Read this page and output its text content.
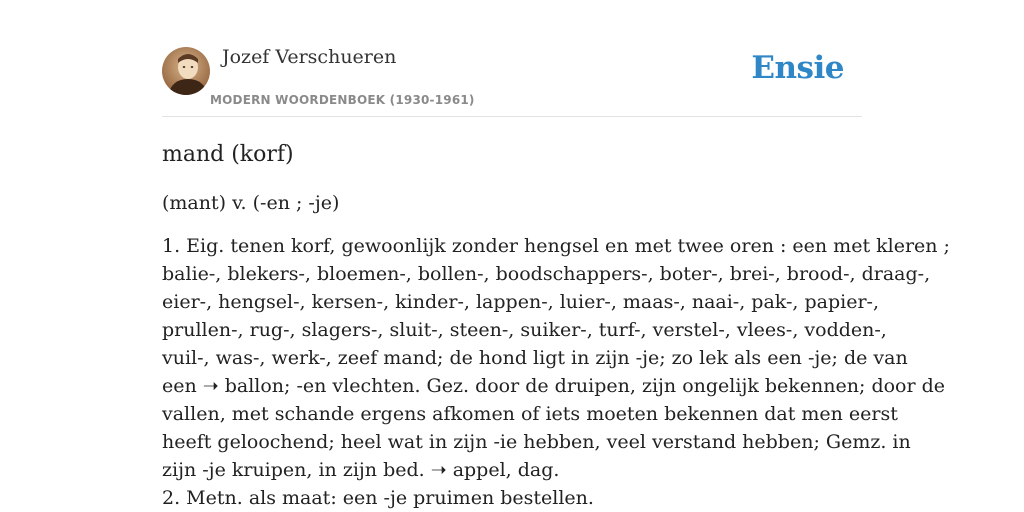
Jozef Verschueren
MODERN WOORDENBOEK (1930-1961)
Ensie
mand (korf)

(mant) v. (-en ; -je)

1. Eig. tenen korf, gewoonlijk zonder hengsel en met twee oren : een met kleren ;
balie-, blekers-, bloemen-, bollen-, boodschappers-, boter-, brei-, brood-, draag-,
eier-, hengsel-, kersen-, kinder-, lappen-, luier-, maas-, naai-, pak-, papier-,
prullen-, rug-, slagers-, sluit-, steen-, suiker-, turf-, verstel-, vlees-, vodden-,
vuil-, was-, werk-, zeef mand; de hond ligt in zijn -je; zo lek als een -je; de van
een ➝ ballon; -en vlechten. Gez. door de druipen, zijn ongelijk bekennen; door de
vallen, met schande ergens afkomen of iets moeten bekennen dat men eerst
heeft geloochend; heel wat in zijn -ie hebben, veel verstand hebben; Gemz. in
zijn -je kruipen, in zijn bed. ➝ appel, dag.
2. Metn. als maat: een -je pruimen bestellen.
